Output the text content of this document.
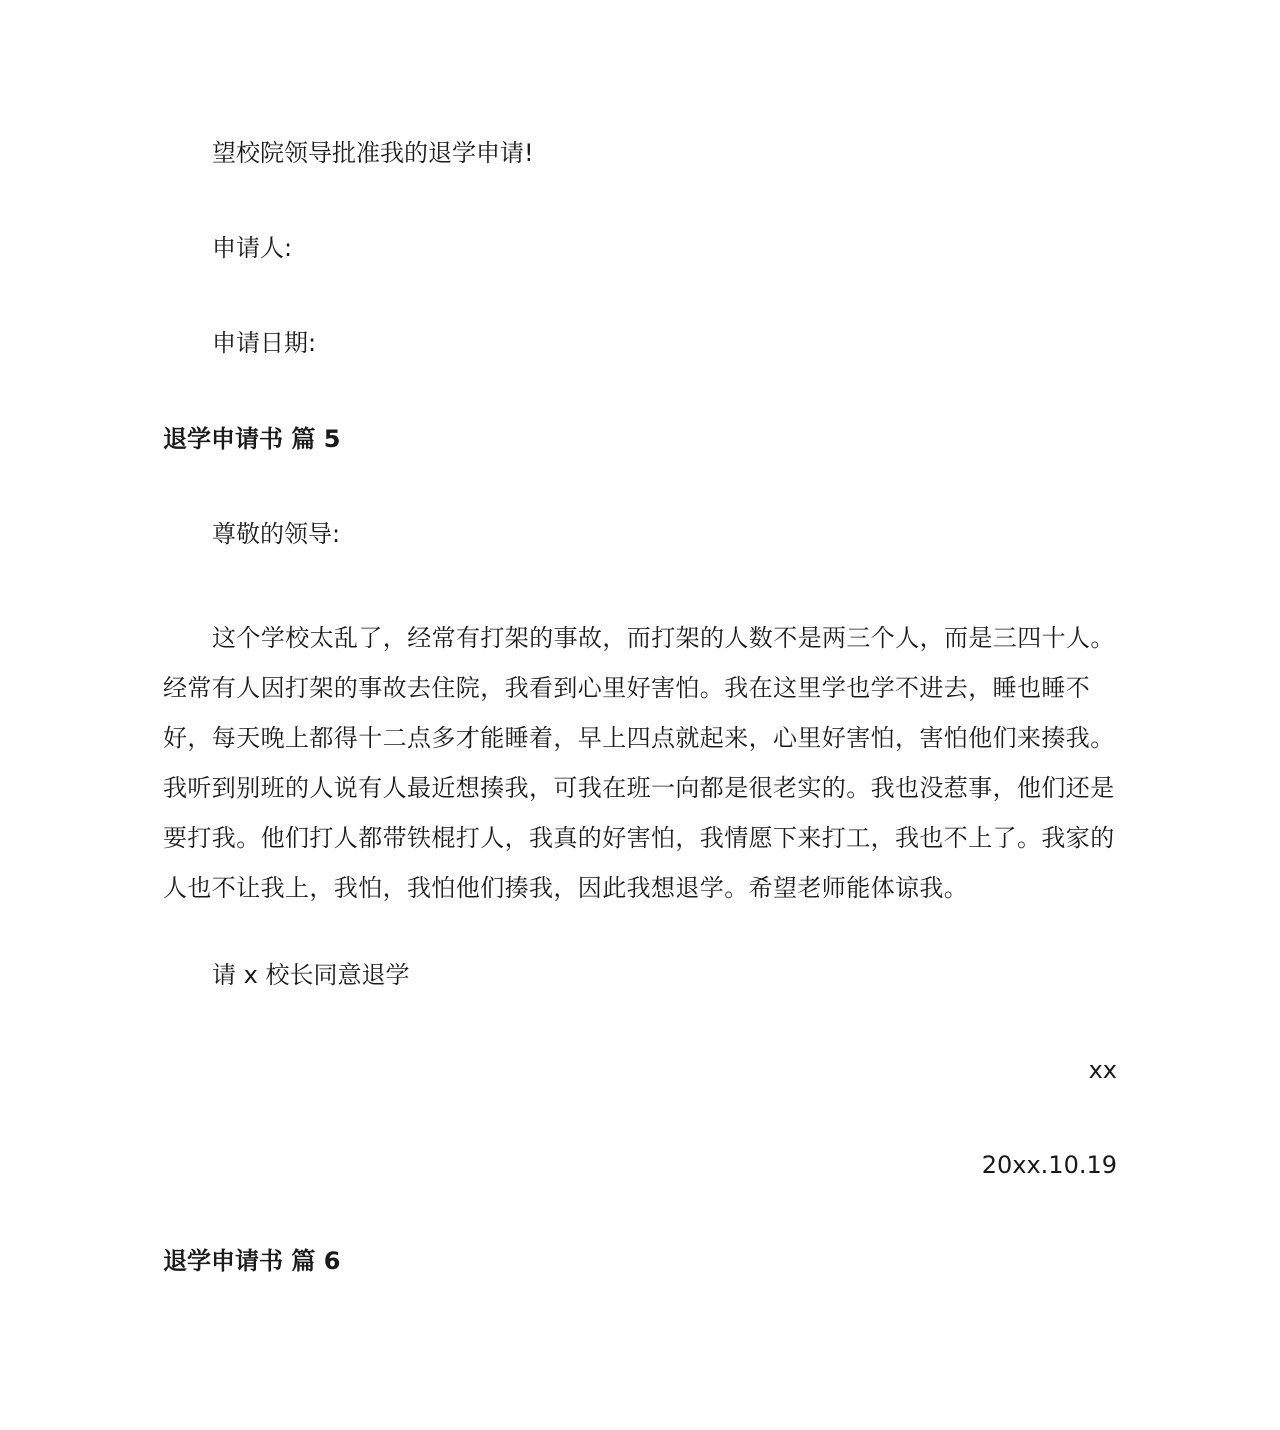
望校院领导批准我的退学申请!
申请人:
申请日期:
退学申请书 篇 5
尊敬的领导:
这个学校太乱了，经常有打架的事故，而打架的人数不是两三个人，而是三四十人。
经常有人因打架的事故去住院，我看到心里好害怕。我在这里学也学不进去，睡也睡不
好，每天晚上都得十二点多才能睡着，早上四点就起来，心里好害怕，害怕他们来揍我。
我听到别班的人说有人最近想揍我，可我在班一向都是很老实的。我也没惹事，他们还是
要打我。他们打人都带铁棍打人，我真的好害怕，我情愿下来打工，我也不上了。我家的
人也不让我上，我怕，我怕他们揍我，因此我想退学。希望老师能体谅我。
请 x 校长同意退学
xx
20xx.10.19
退学申请书 篇 6
